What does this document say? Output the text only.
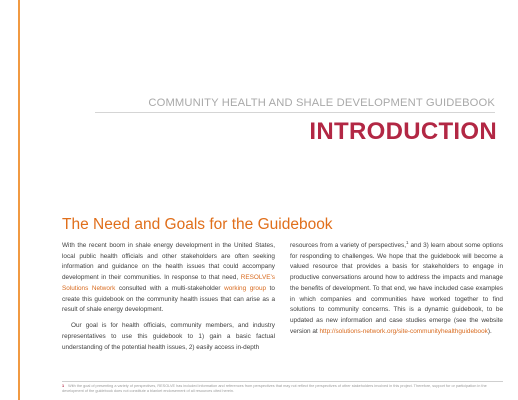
COMMUNITY HEALTH AND SHALE DEVELOPMENT GUIDEBOOK
INTRODUCTION
The Need and Goals for the Guidebook

With the recent boom in shale energy development in the United States, local public health officials and other stakeholders are often seeking information and guidance on the health issues that could accompany development in their communities. In response to that need, RESOLVE’s Solutions Network consulted with a multi-stakeholder working group to create this guidebook on the community health issues that can arise as a result of shale energy development.

Our goal is for health officials, community members, and industry representatives to use this guidebook to 1) gain a basic factual understanding of the potential health issues, 2) easily access in-depth

resources from a variety of perspectives,$^1$ and 3) learn about some options for responding to challenges. We hope that the guidebook will become a valued resource that provides a basis for stakeholders to engage in productive conversations around how to address the impacts and manage the benefits of development. To that end, we have included case examples in which companies and communities have worked together to find solutions to community concerns. This is a dynamic guidebook, to be updated as new information and case studies emerge (see the website version at http://solutions-network.org/site-communityhealthguidebook).

1 With the goal of presenting a variety of perspectives, RESOLVE has included information and references from perspectives that may not reflect the perspectives of other stakeholders involved in this project. Therefore, support for or participation in the development of the guidebook does not constitute a blanket endorsement of all resources cited herein.
